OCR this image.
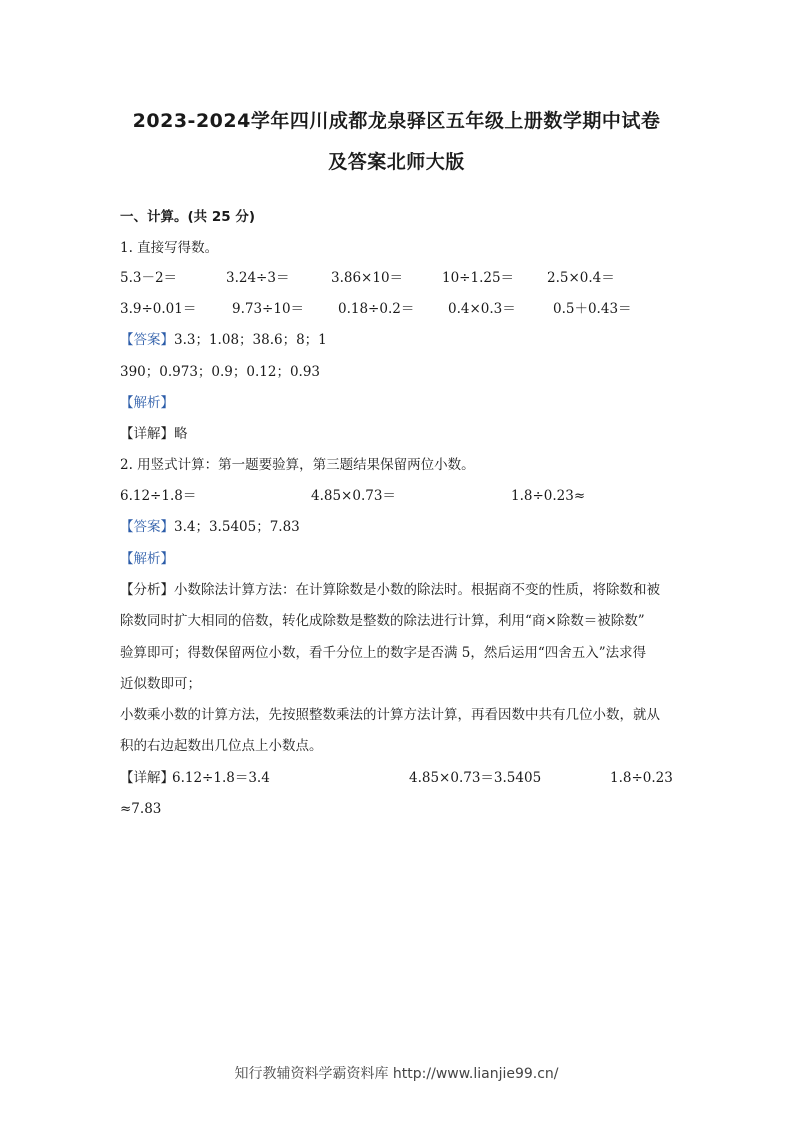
2023-2024学年四川成都龙泉驿区五年级上册数学期中试卷
及答案北师大版
一、计算。(共 25 分)
1. 直接写得数。
5.3－2＝	3.24÷3＝	3.86×10＝	10÷1.25＝ 2.5×0.4＝
3.9÷0.01＝	9.73÷10＝	0.18÷0.2＝ 0.4×0.3＝	0.5＋0.43＝
【答案】3.3；1.08；38.6；8；1
390；0.973；0.9；0.12；0.93
【解析】
【详解】略
2. 用竖式计算：第一题要验算，第三题结果保留两位小数。
6.12÷1.8＝	4.85×0.73＝	1.8÷0.23≈
【答案】3.4；3.5405；7.83
【解析】
【分析】小数除法计算方法：在计算除数是小数的除法时。根据商不变的性质，将除数和被
除数同时扩大相同的倍数，转化成除数是整数的除法进行计算，利用“商×除数＝被除数”
验算即可；得数保留两位小数，看千分位上的数字是否满 5，然后运用“四舍五入”法求得
近似数即可；
小数乘小数的计算方法，先按照整数乘法的计算方法计算，再看因数中共有几位小数，就从
积的右边起数出几位点上小数点。
【详解】
6.12÷1.8＝3.4	4.85×0.73＝3.5405	1.8÷0.23
≈7.83
知行教辅资料学霸资料库 http://www.lianjie99.cn/
